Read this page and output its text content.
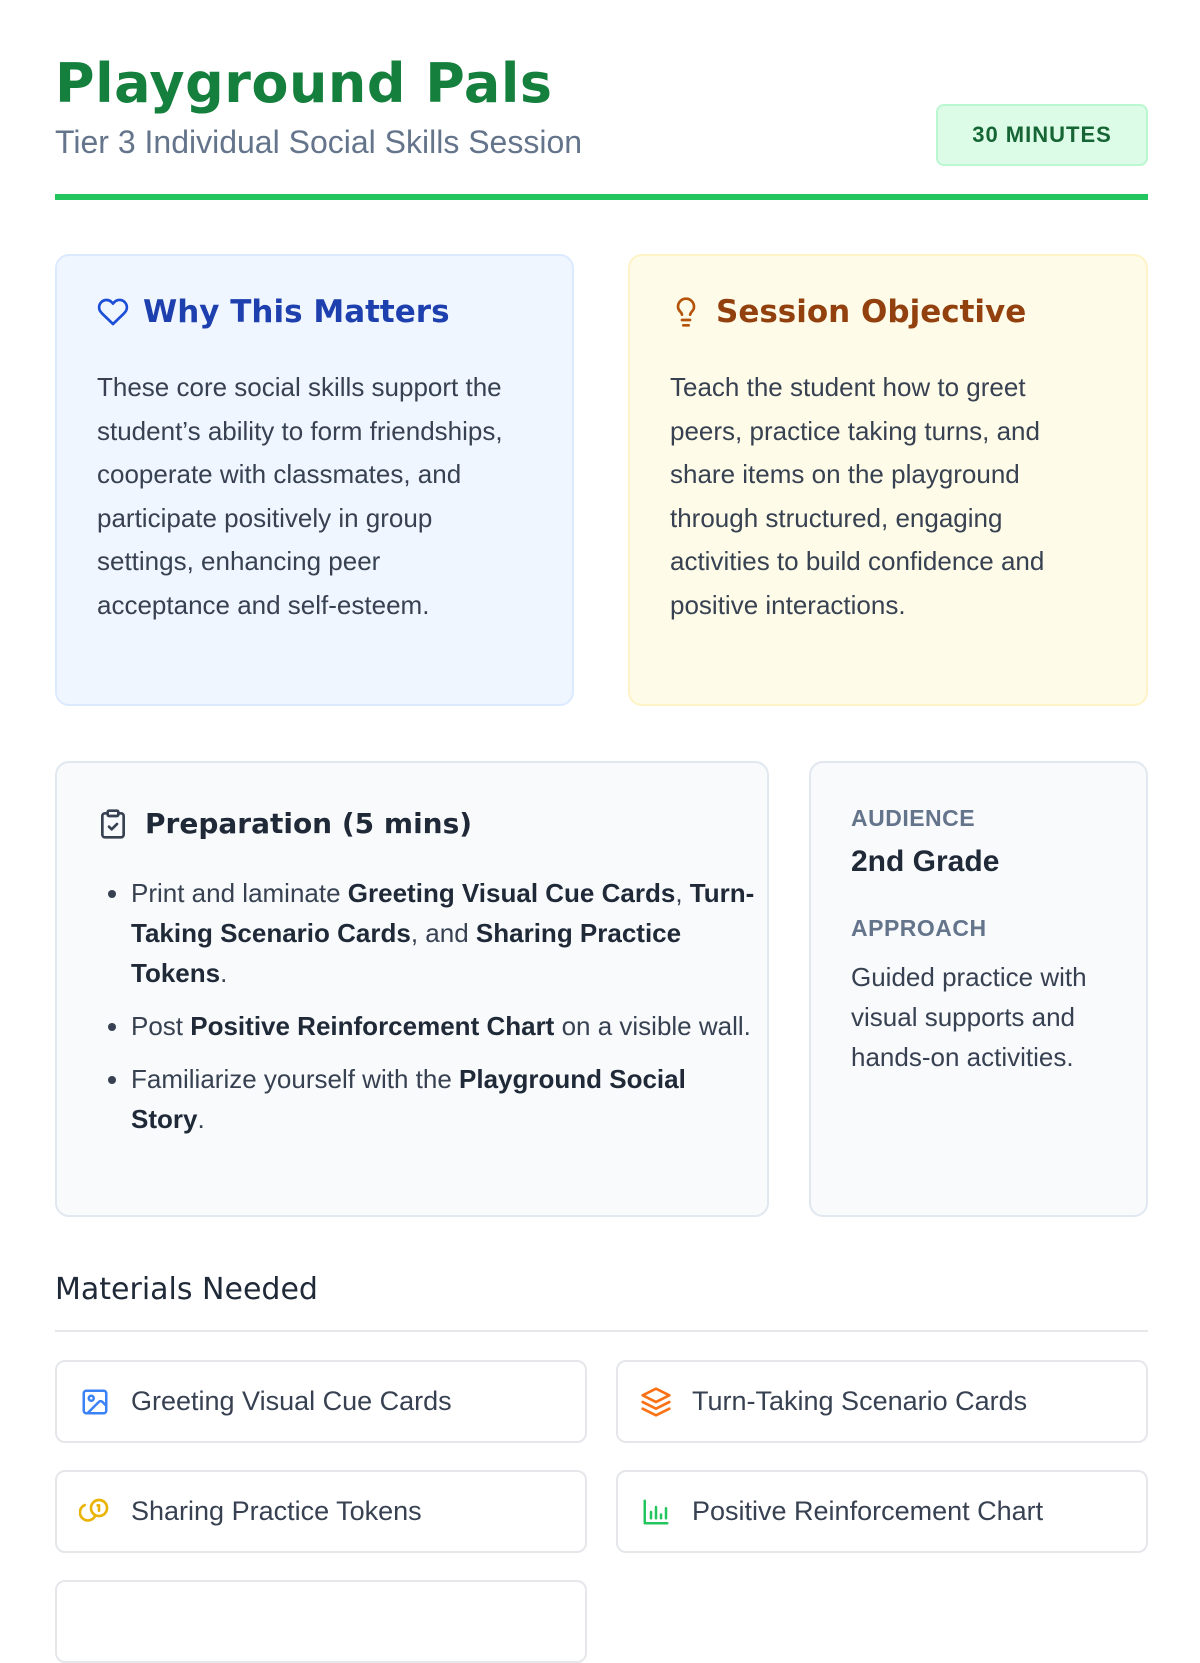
Playground Pals
Tier 3 Individual Social Skills Session	30 MINUTES
Why This Matters
These core social skills support the student’s ability to form friendships, cooperate with classmates, and participate positively in group settings, enhancing peer acceptance and self-esteem.
Session Objective
Teach the student how to greet peers, practice taking turns, and share items on the playground through structured, engaging activities to build confidence and positive interactions.
Preparation (5 mins)
• Print and laminate Greeting Visual Cue Cards, Turn-Taking Scenario Cards, and Sharing Practice Tokens.
• Post Positive Reinforcement Chart on a visible wall.
• Familiarize yourself with the Playground Social Story.
AUDIENCE
2nd Grade
APPROACH
Guided practice with visual supports and hands-on activities.
Materials Needed
Greeting Visual Cue Cards	Turn-Taking Scenario Cards
Sharing Practice Tokens	Positive Reinforcement Chart
